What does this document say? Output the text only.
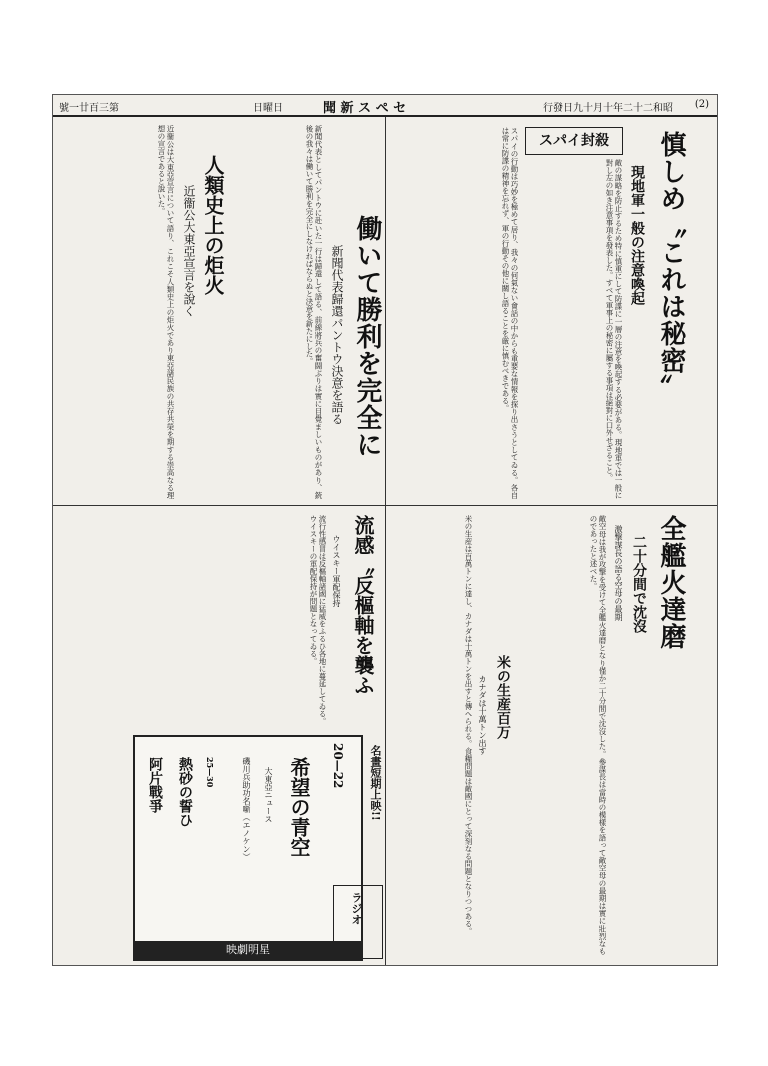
(2)
行發日九十月十年二十二和昭
聞 新 ス ペ セ
日曜日
號一廿百三第
慎しめ〝これは秘密〟
現地軍一般の注意喚起
スパイ封殺
敵の謀略を防止するため特に慎重にして防諜に一層の注意を喚起する必要がある。現地軍では一般に對し左の如き注意事項を發表した。すべて軍事上の秘密に屬する事項は絕對に口外せざること。
スパイの行動は巧妙を極めて居り、我々の何氣ない會話の中からも重要な情報を探り出さうとしてゐる。各自は常に防諜の精神を忘れず、軍の行動その他に關し語ることを厳に慎むべきである。
働いて勝利を完全に
新聞代表歸還パントウ決意を語る
新聞代表としてパントウに赴いた一行は歸還して語る、前線將兵の奮闘ぶりは實に目覺ましいものがあり、銃後の我々は働いて勝利を完全にしなければならぬと決意を新たにした。
人類史上の炬火
近衞公大東亞宣言を說く
近衞公は大東亞宣言について語り、これこそ人類史上の炬火であり東亞諸民族の共存共榮を期する崇高なる理想の宣言であると說いた。
全艦火達磨
二十分間で沈沒
激撃謀長の語る空母の最期
敵空母は我が攻撃を受けて全艦火達磨となり僅か二十分間で沈沒した。參謀長は當時の模樣を語って敵空母の最期は實に壯烈なものであったと述べた。
米の生産百万
カナダは十萬トン出す
米の生産は百萬トンに達し、カナダは十萬トンを出すと傳へられる。食糧問題は敵國にとって深刻なる問題となりつつある。
流感〝反樞軸を襲ふ
ウイスキー軍配保持
流行性感冒は反樞軸諸國に猛威をふるひ各地に蔓延してゐる。ウイスキーの軍配保持が問題となってゐる。
希望の青空 20—22
大東亞ニュース
磯川兵助功名噺（エノケン）
熱砂の誓ひ
阿片戰爭	25—30
映劇明星
名畫短期上映!!
ラジオ
